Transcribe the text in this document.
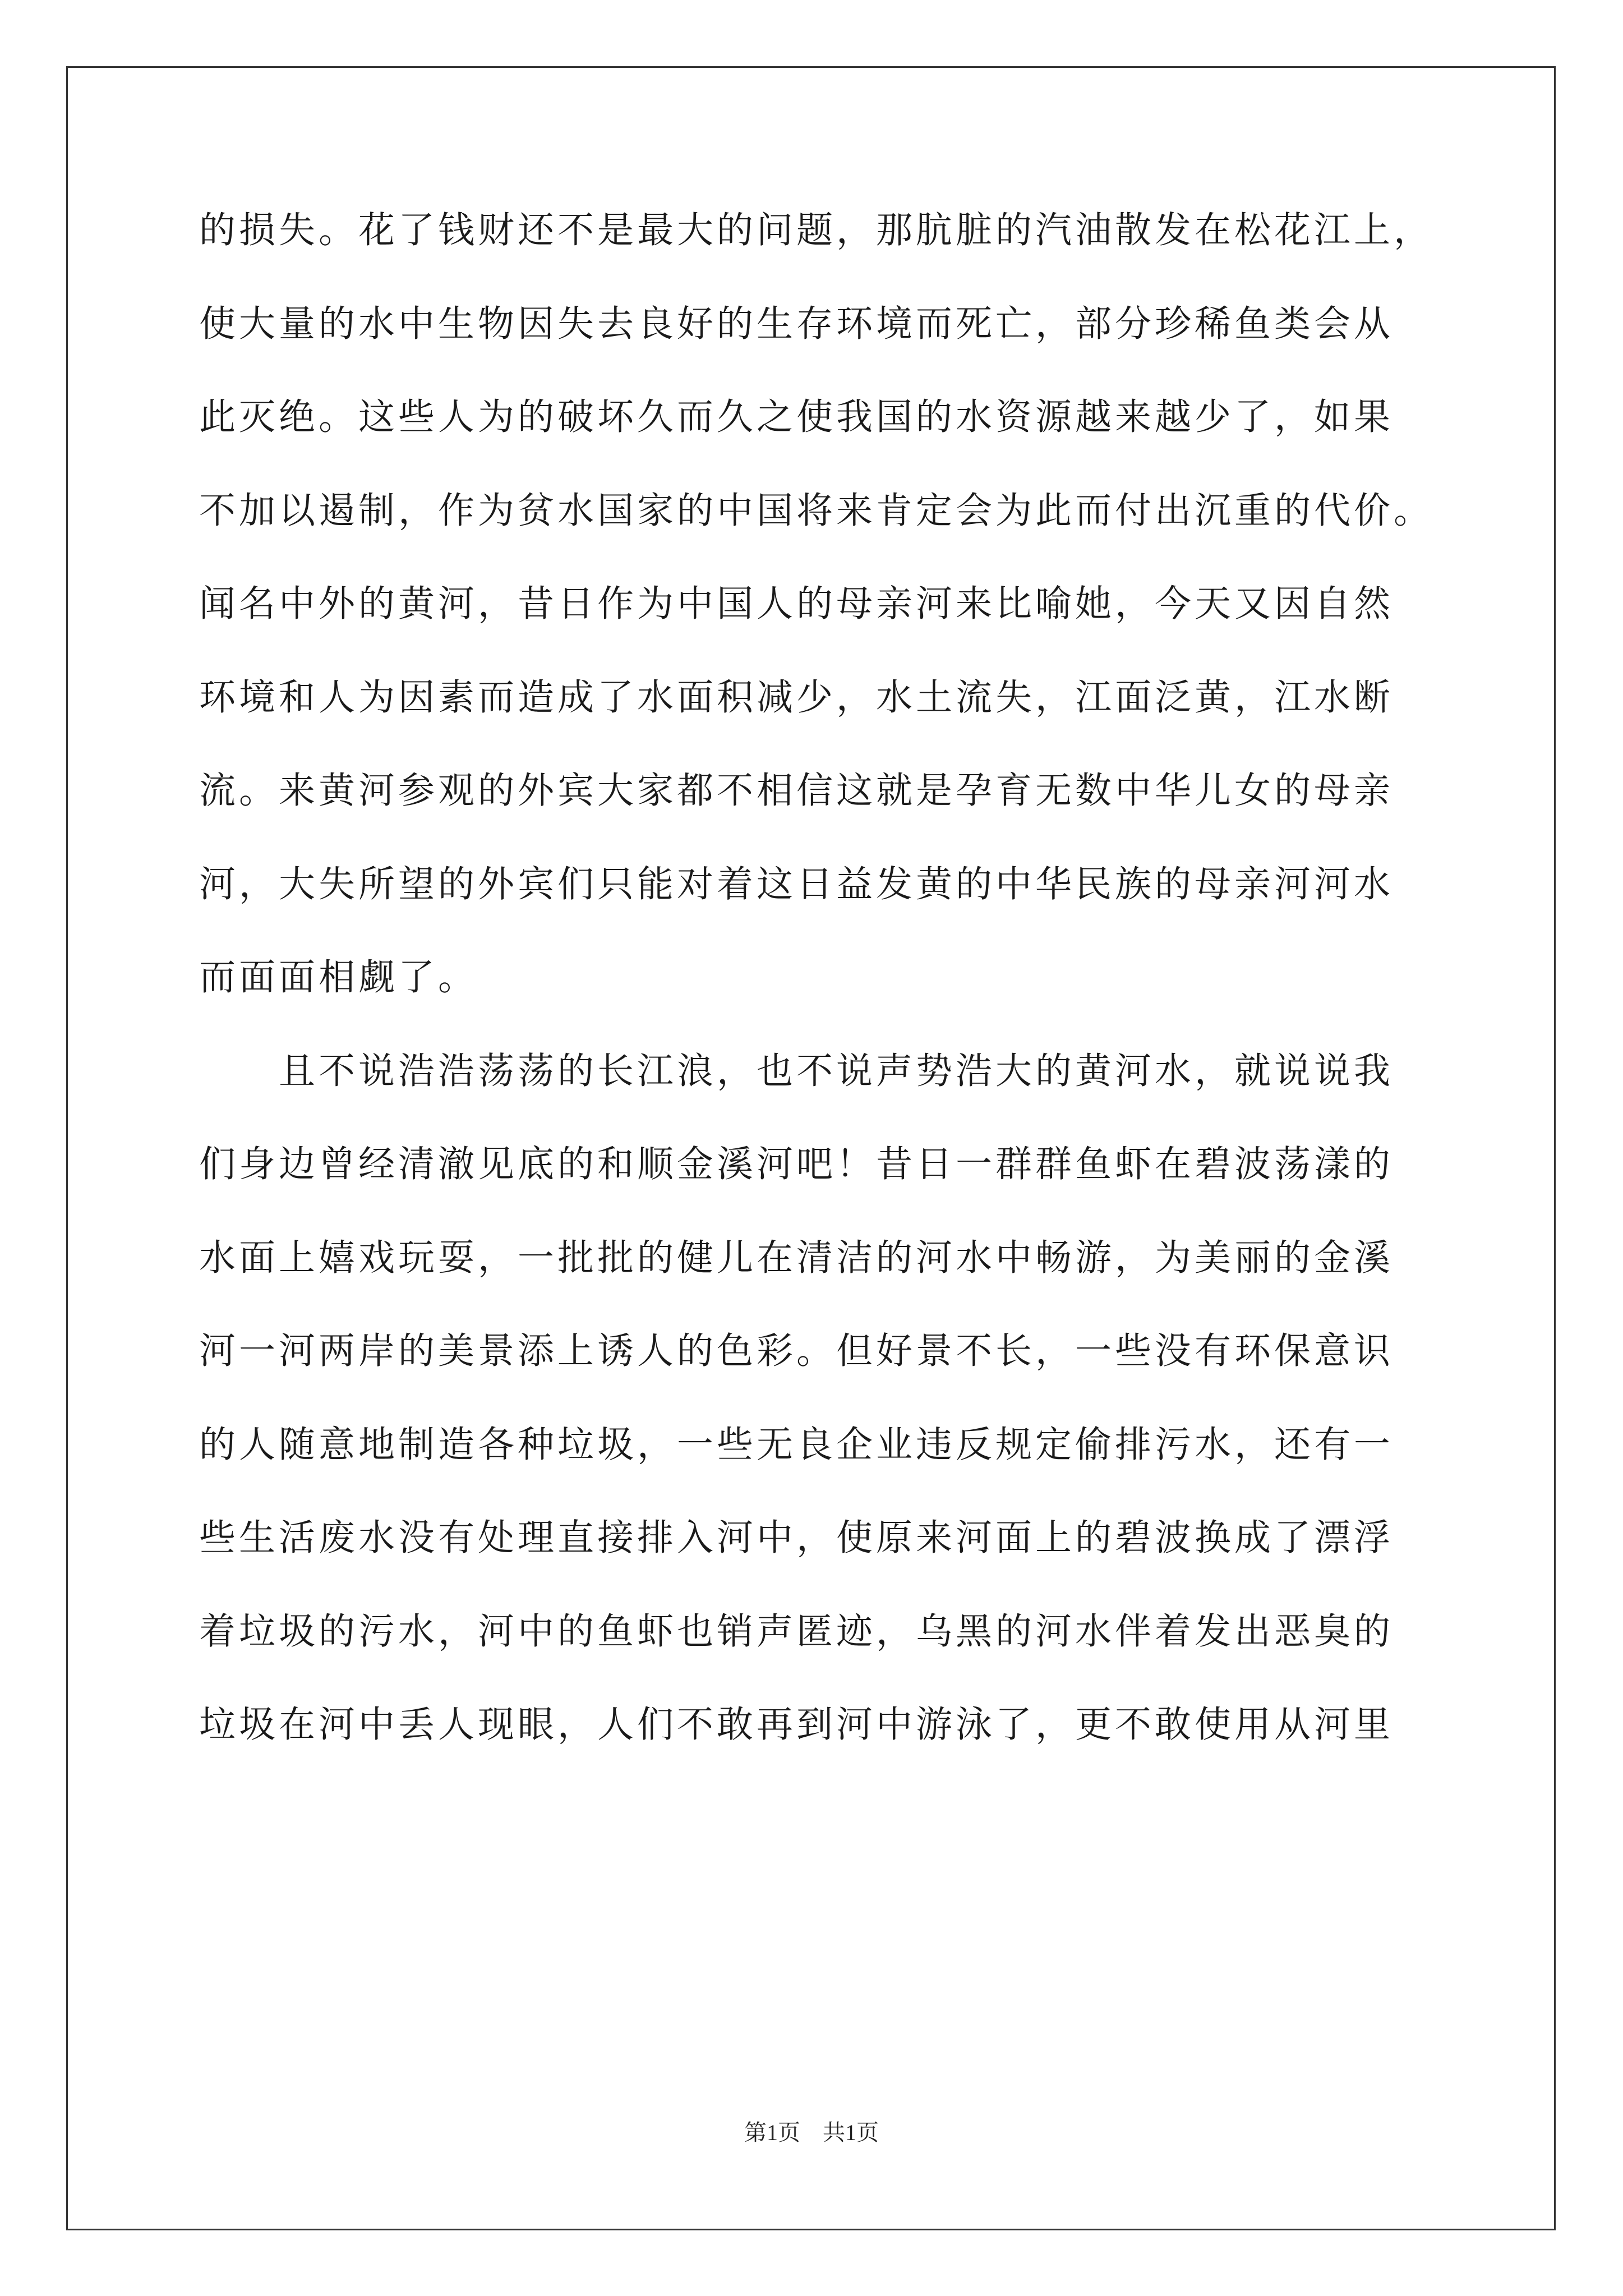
的损失。花了钱财还不是最大的问题，那肮脏的汽油散发在松花江上，
使大量的水中生物因失去良好的生存环境而死亡，部分珍稀鱼类会从
此灭绝。这些人为的破坏久而久之使我国的水资源越来越少了，如果
不加以遏制，作为贫水国家的中国将来肯定会为此而付出沉重的代价。
闻名中外的黄河，昔日作为中国人的母亲河来比喻她，今天又因自然
环境和人为因素而造成了水面积减少，水土流失，江面泛黄，江水断
流。来黄河参观的外宾大家都不相信这就是孕育无数中华儿女的母亲
河，大失所望的外宾们只能对着这日益发黄的中华民族的母亲河河水
而面面相觑了。
　　且不说浩浩荡荡的长江浪，也不说声势浩大的黄河水，就说说我
们身边曾经清澈见底的和顺金溪河吧！昔日一群群鱼虾在碧波荡漾的
水面上嬉戏玩耍，一批批的健儿在清洁的河水中畅游，为美丽的金溪
河一河两岸的美景添上诱人的色彩。但好景不长，一些没有环保意识
的人随意地制造各种垃圾，一些无良企业违反规定偷排污水，还有一
些生活废水没有处理直接排入河中，使原来河面上的碧波换成了漂浮
着垃圾的污水，河中的鱼虾也销声匿迹，乌黑的河水伴着发出恶臭的
垃圾在河中丢人现眼，人们不敢再到河中游泳了，更不敢使用从河里
第1页　共1页
